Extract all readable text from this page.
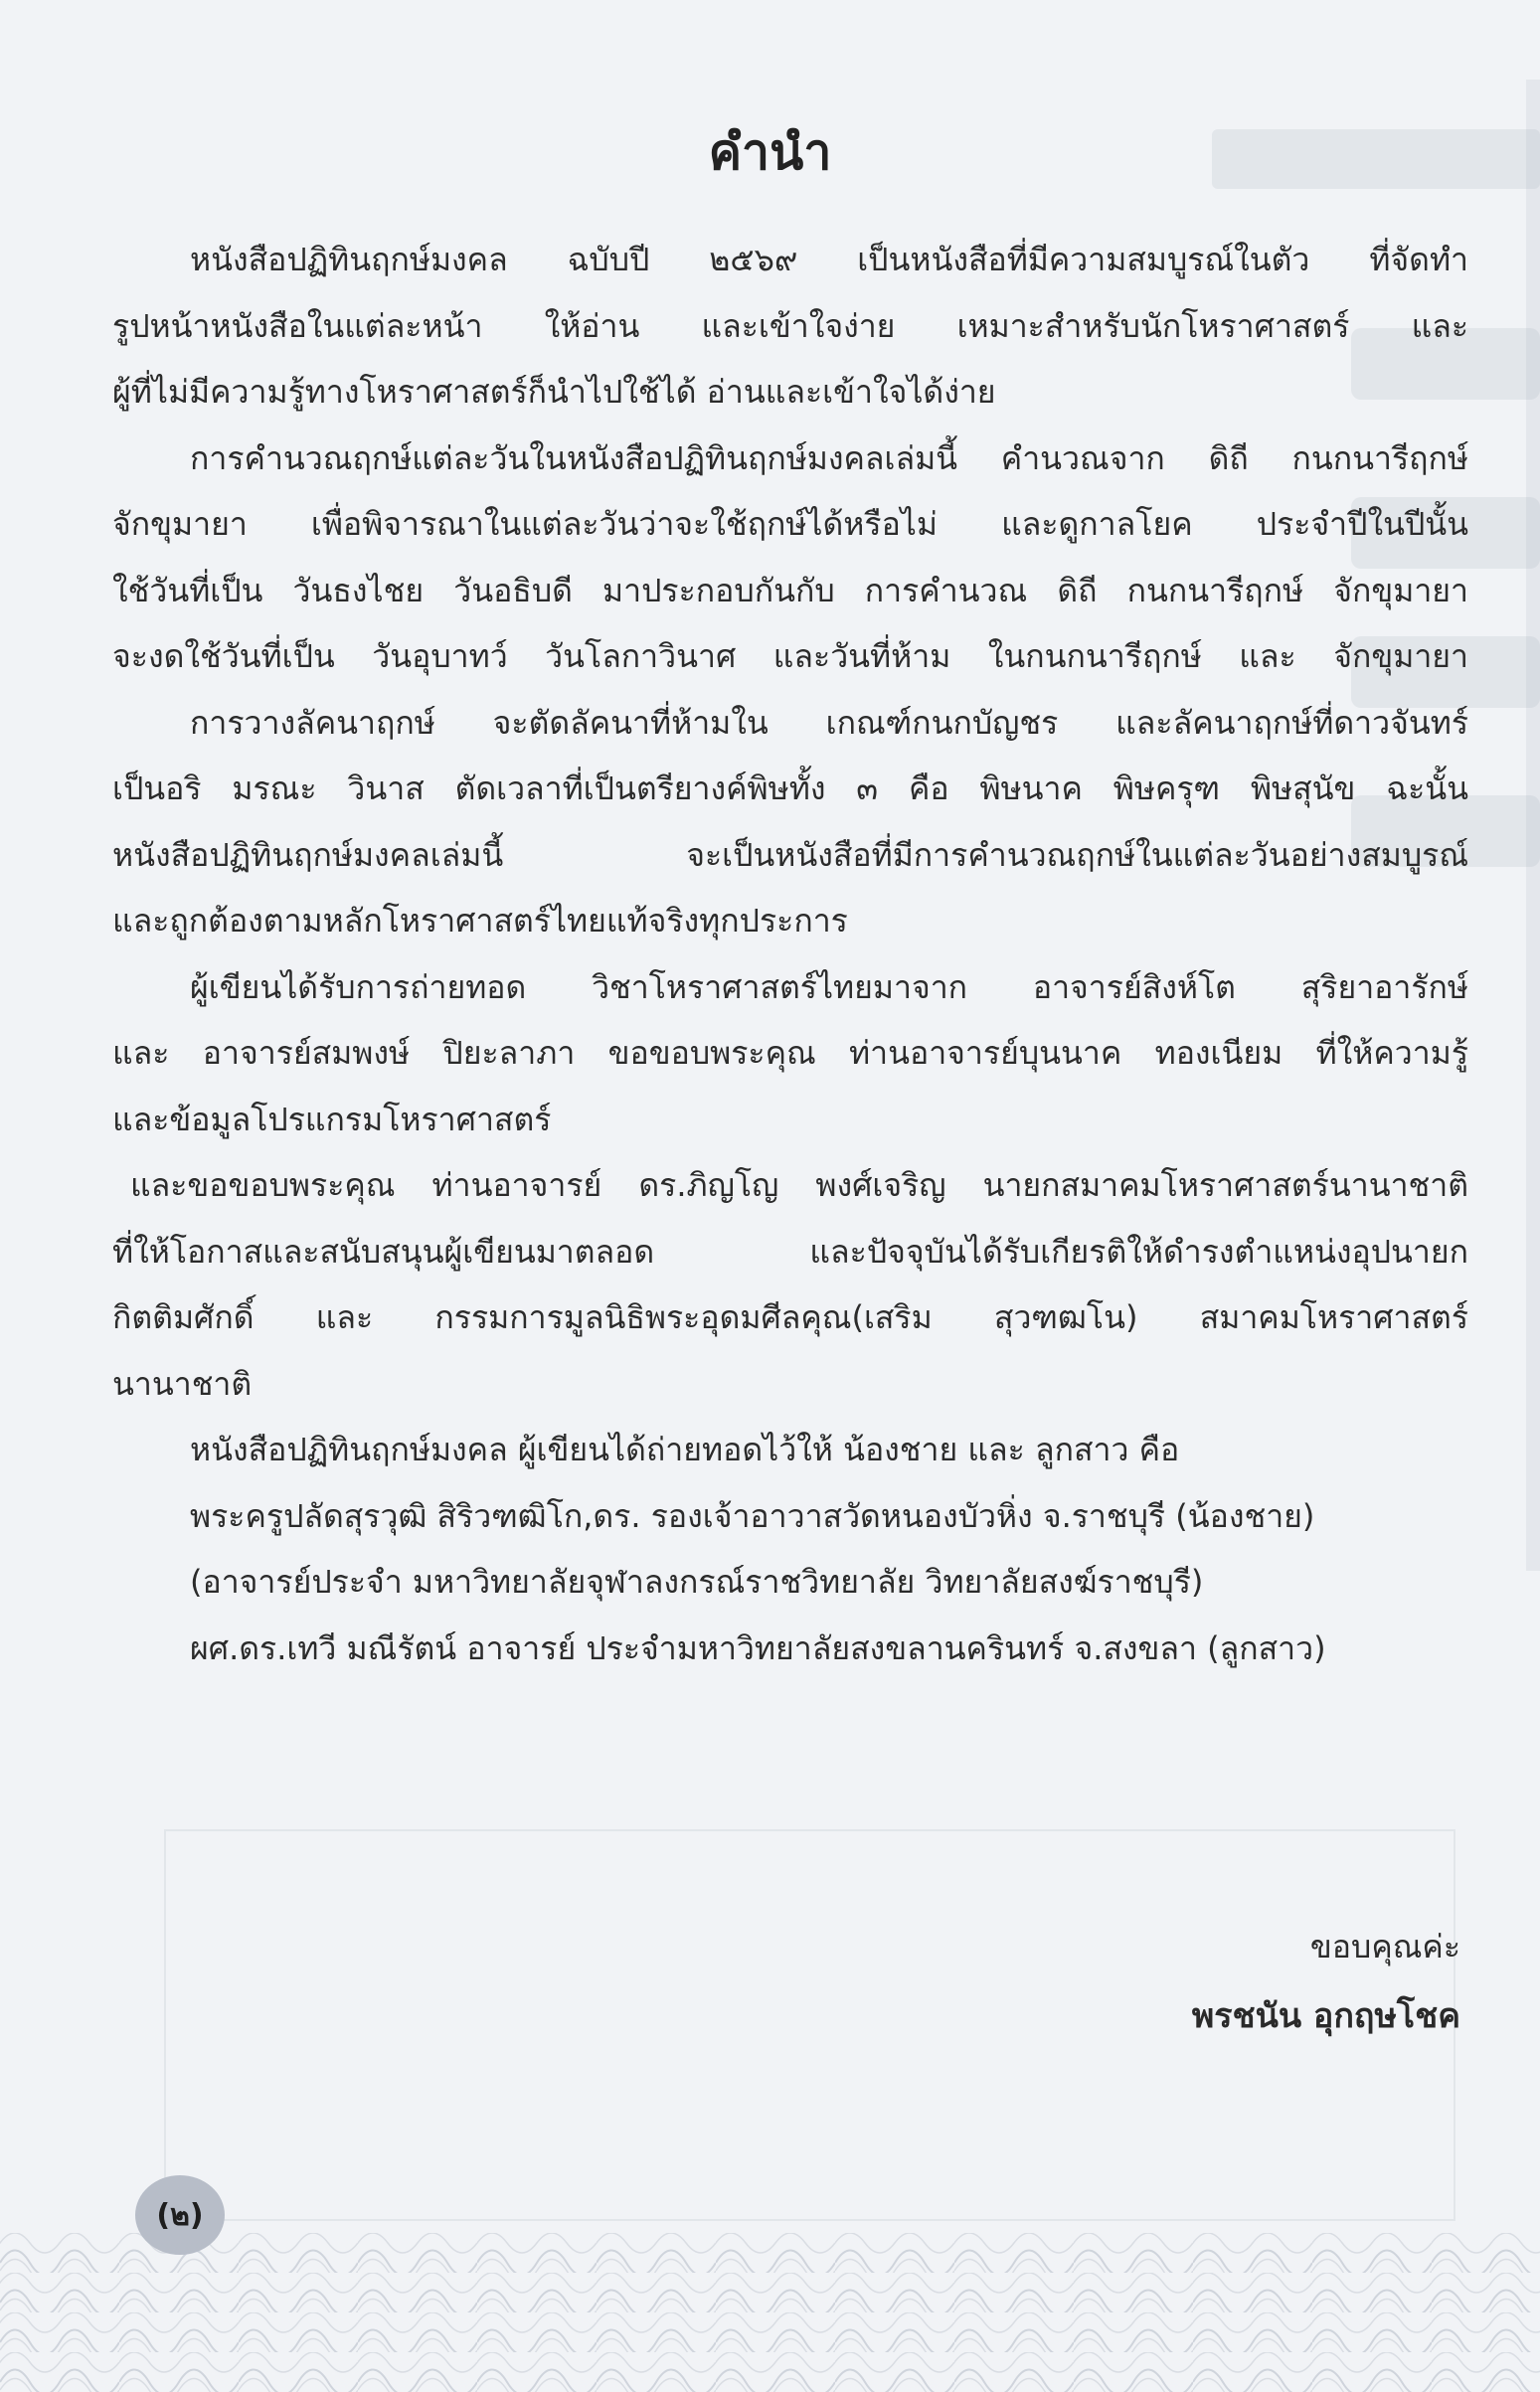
คำนำ
หนังสือปฏิทินฤกษ์มงคล ฉบับปี ๒๕๖๙ เป็นหนังสือที่มีความสมบูรณ์ในตัว ที่จัดทำ
รูปหน้าหนังสือในแต่ละหน้า ให้อ่าน และเข้าใจง่าย เหมาะสำหรับนักโหราศาสตร์ และ
ผู้ที่ไม่มีความรู้ทางโหราศาสตร์ก็นำไปใช้ได้ อ่านและเข้าใจได้ง่าย
การคำนวณฤกษ์แต่ละวันในหนังสือปฏิทินฤกษ์มงคลเล่มนี้ คำนวณจาก ดิถี กนกนารีฤกษ์
จักขุมายา เพื่อพิจารณาในแต่ละวันว่าจะใช้ฤกษ์ได้หรือไม่ และดูกาลโยค ประจำปีในปีนั้น
ใช้วันที่เป็น วันธงไชย วันอธิบดี มาประกอบกันกับ การคำนวณ ดิถี กนกนารีฤกษ์ จักขุมายา
จะงดใช้วันที่เป็น วันอุบาทว์ วันโลกาวินาศ และวันที่ห้าม ในกนกนารีฤกษ์ และ จักขุมายา
การวางลัคนาฤกษ์ จะตัดลัคนาที่ห้ามใน เกณฑ์กนกบัญชร และลัคนาฤกษ์ที่ดาวจันทร์
เป็นอริ มรณะ วินาส ตัดเวลาที่เป็นตรียางค์พิษทั้ง ๓ คือ พิษนาค พิษครุฑ พิษสุนัข ฉะนั้น
หนังสือปฏิทินฤกษ์มงคลเล่มนี้ จะเป็นหนังสือที่มีการคำนวณฤกษ์ในแต่ละวันอย่างสมบูรณ์
และถูกต้องตามหลักโหราศาสตร์ไทยแท้จริงทุกประการ
ผู้เขียนได้รับการถ่ายทอด วิชาโหราศาสตร์ไทยมาจาก อาจารย์สิงห์โต สุริยาอารักษ์
และ อาจารย์สมพงษ์ ปิยะลาภา ขอขอบพระคุณ ท่านอาจารย์บุนนาค ทองเนียม ที่ให้ความรู้
และข้อมูลโปรแกรมโหราศาสตร์
และขอขอบพระคุณ ท่านอาจารย์ ดร.ภิญโญ พงศ์เจริญ นายกสมาคมโหราศาสตร์นานาชาติ
ที่ให้โอกาสและสนับสนุนผู้เขียนมาตลอด และปัจจุบันได้รับเกียรติให้ดำรงตำแหน่งอุปนายก
กิตติมศักดิ์ และ กรรมการมูลนิธิพระอุดมศีลคุณ(เสริม สุวฑฒโน) สมาคมโหราศาสตร์
นานาชาติ
หนังสือปฏิทินฤกษ์มงคล ผู้เขียนได้ถ่ายทอดไว้ให้ น้องชาย และ ลูกสาว คือ
พระครูปลัดสุรวุฒิ สิริวฑฒิโก,ดร. รองเจ้าอาวาสวัดหนองบัวหิ่ง จ.ราชบุรี (น้องชาย)
(อาจารย์ประจำ มหาวิทยาลัยจุฬาลงกรณ์ราชวิทยาลัย วิทยาลัยสงฆ์ราชบุรี)
ผศ.ดร.เทวี มณีรัตน์ อาจารย์ ประจำมหาวิทยาลัยสงขลานครินทร์ จ.สงขลา (ลูกสาว)
ขอบคุณค่ะ
พรชนัน อุกฤษโชค
(๒)
